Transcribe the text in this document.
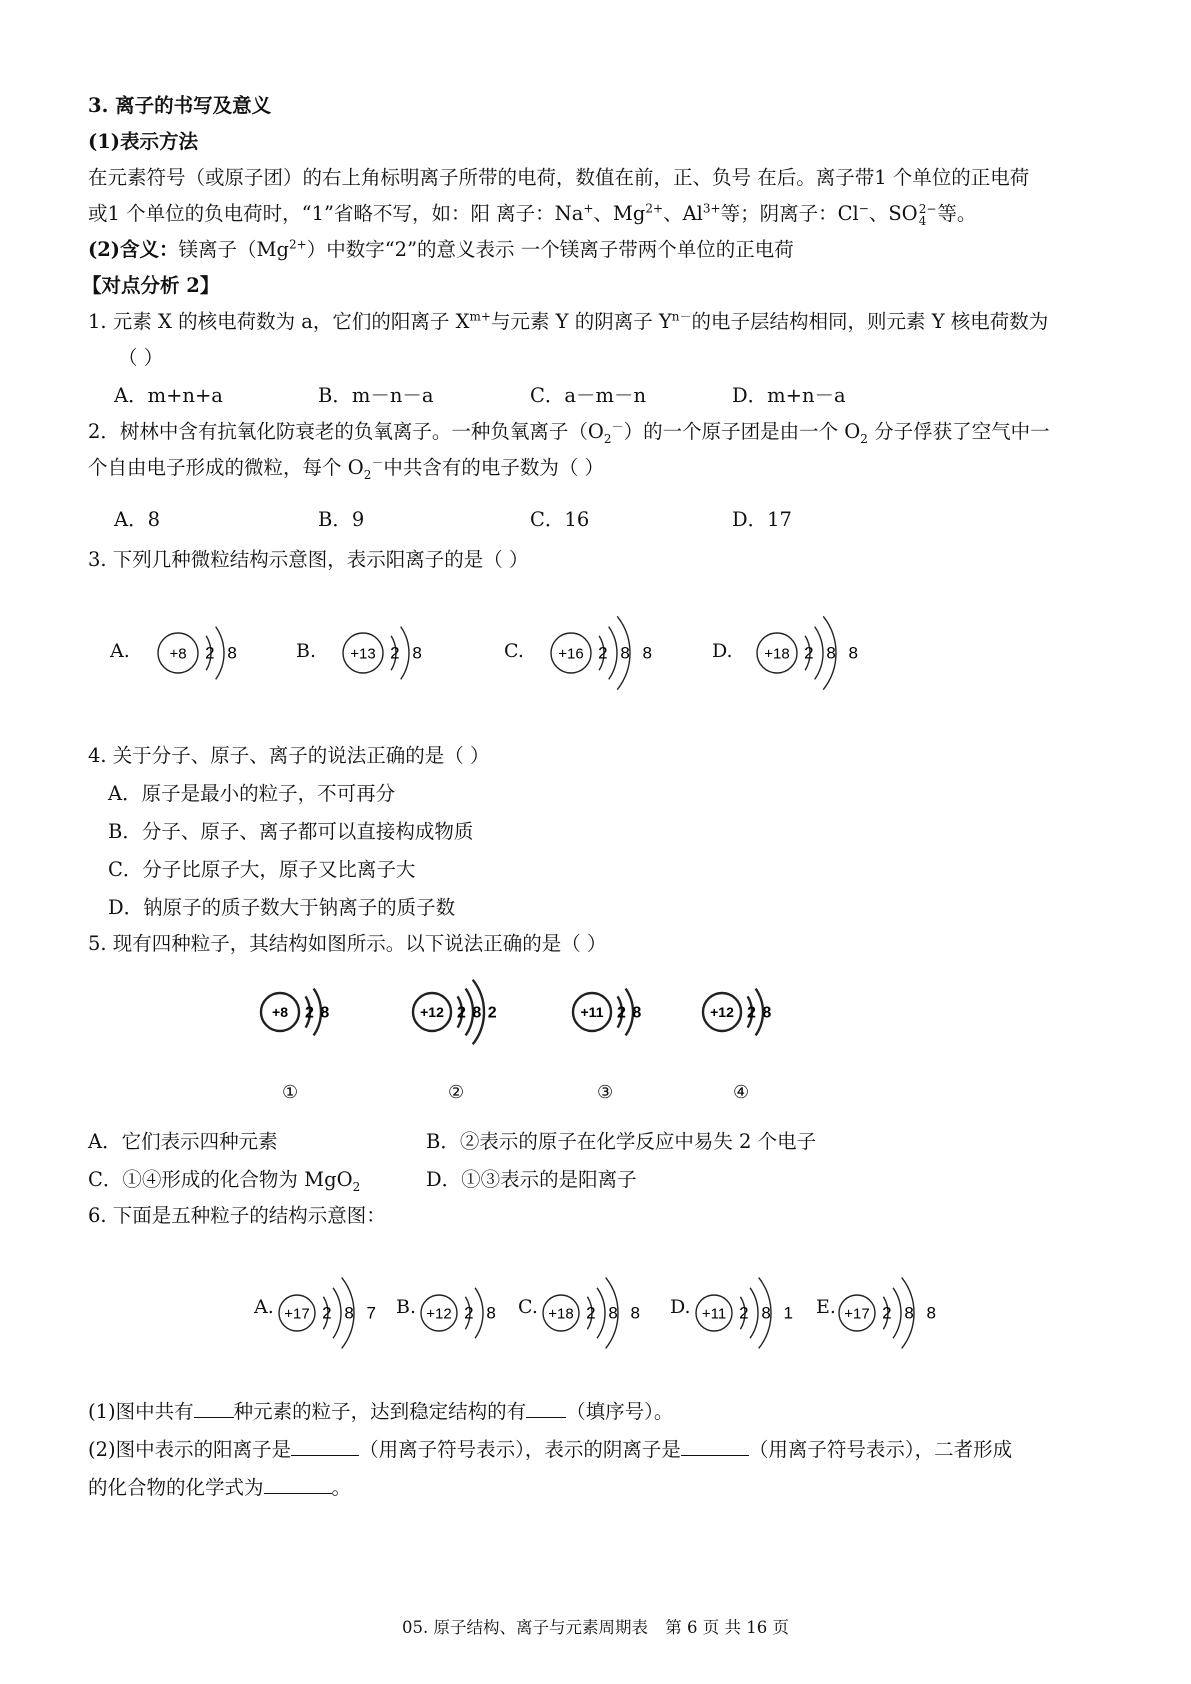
3. 离子的书写及意义
(1)表示方法
在元素符号（或原子团）的右上角标明离子所带的电荷，数值在前，正、负号 在后。离子带1 个单位的正电荷
或1 个单位的负电荷时，“1”省略不写，如：阳 离子：Na+、$Mg^{2+}$、$Al^{3+}$等；阴离子：Cl−、SO 2−
4 等。
(2)含义：镁离子$(Mg^{2+})$中数字“2”的意义表示 一个镁离子带两个单位的正电荷
【对点分析 2】
1. 元素 X 的核电荷数为 a，它们的阳离子 $X^{m+}$与元素 Y 的阴离子 $Y^{n-}$的电子层结构相同，则元素 Y 核电荷数为
（ ）
A．m+n+a	B．m－n－a	C．a－m－n	D．m+n－a
2．树林中含有抗氧化防衰老的负氧离子。一种负氧离子$(O_2^-)$的一个原子团是由一个 $O_2$ 分子俘获了空气中一
个自由电子形成的微粒，每个 $O_2^-$中共含有的电子数为（ ）
A．8	B．9	C．16	D．17
3. 下列几种微粒结构示意图，表示阳离子的是（ ）
A.	+8 2 8	B. +13 2 8	C. +16 2 8 8	D. +18 2 8 8
4. 关于分子、原子、离子的说法正确的是（ ）
A．原子是最小的粒子，不可再分
B．分子、原子、离子都可以直接构成物质
C．分子比原子大，原子又比离子大
D．钠原子的质子数大于钠离子的质子数
5. 现有四种粒子，其结构如图所示。以下说法正确的是（ ）
+8 2 8
①
+12 2 8 2
②
+11 2 8
③
+12 2 8
④
A．它们表示四种元素	B．②表示的原子在化学反应中易失 2 个电子
C．①④形成的化合物为 MgO$_2$	D．①③表示的是阳离子
6. 下面是五种粒子的结构示意图：
A. +17 2 8 7 B. +12 2 8 C. +18 2 8 8 D. +11 2 8 1 E. +17 2 8 8
(1)图中共有 种元素的粒子，达到稳定结构的有 （填序号）。
(2)图中表示的阳离子是	（用离子符号表示），表示的阴离子是	（用离子符号表示），二者形成
的化合物的化学式为	。
05. 原子结构、离子与元素周期表 第 6 页 共 16 页
